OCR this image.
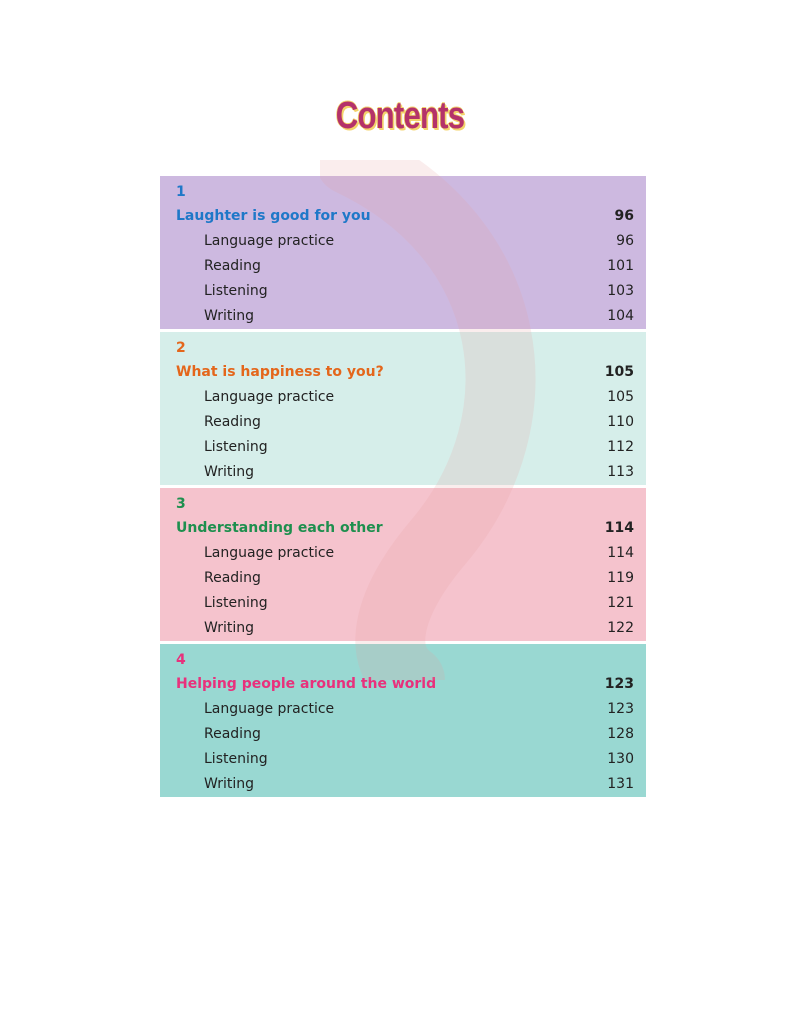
Contents
1
Laughter is good for you	96
Language practice	96
Reading	101
Listening	103
Writing	104
2
What is happiness to you?	105
Language practice	105
Reading	110
Listening	112
Writing	113
3
Understanding each other	114
Language practice	114
Reading	119
Listening	121
Writing	122
4
Helping people around the world	123
Language practice	123
Reading	128
Listening	130
Writing	131
